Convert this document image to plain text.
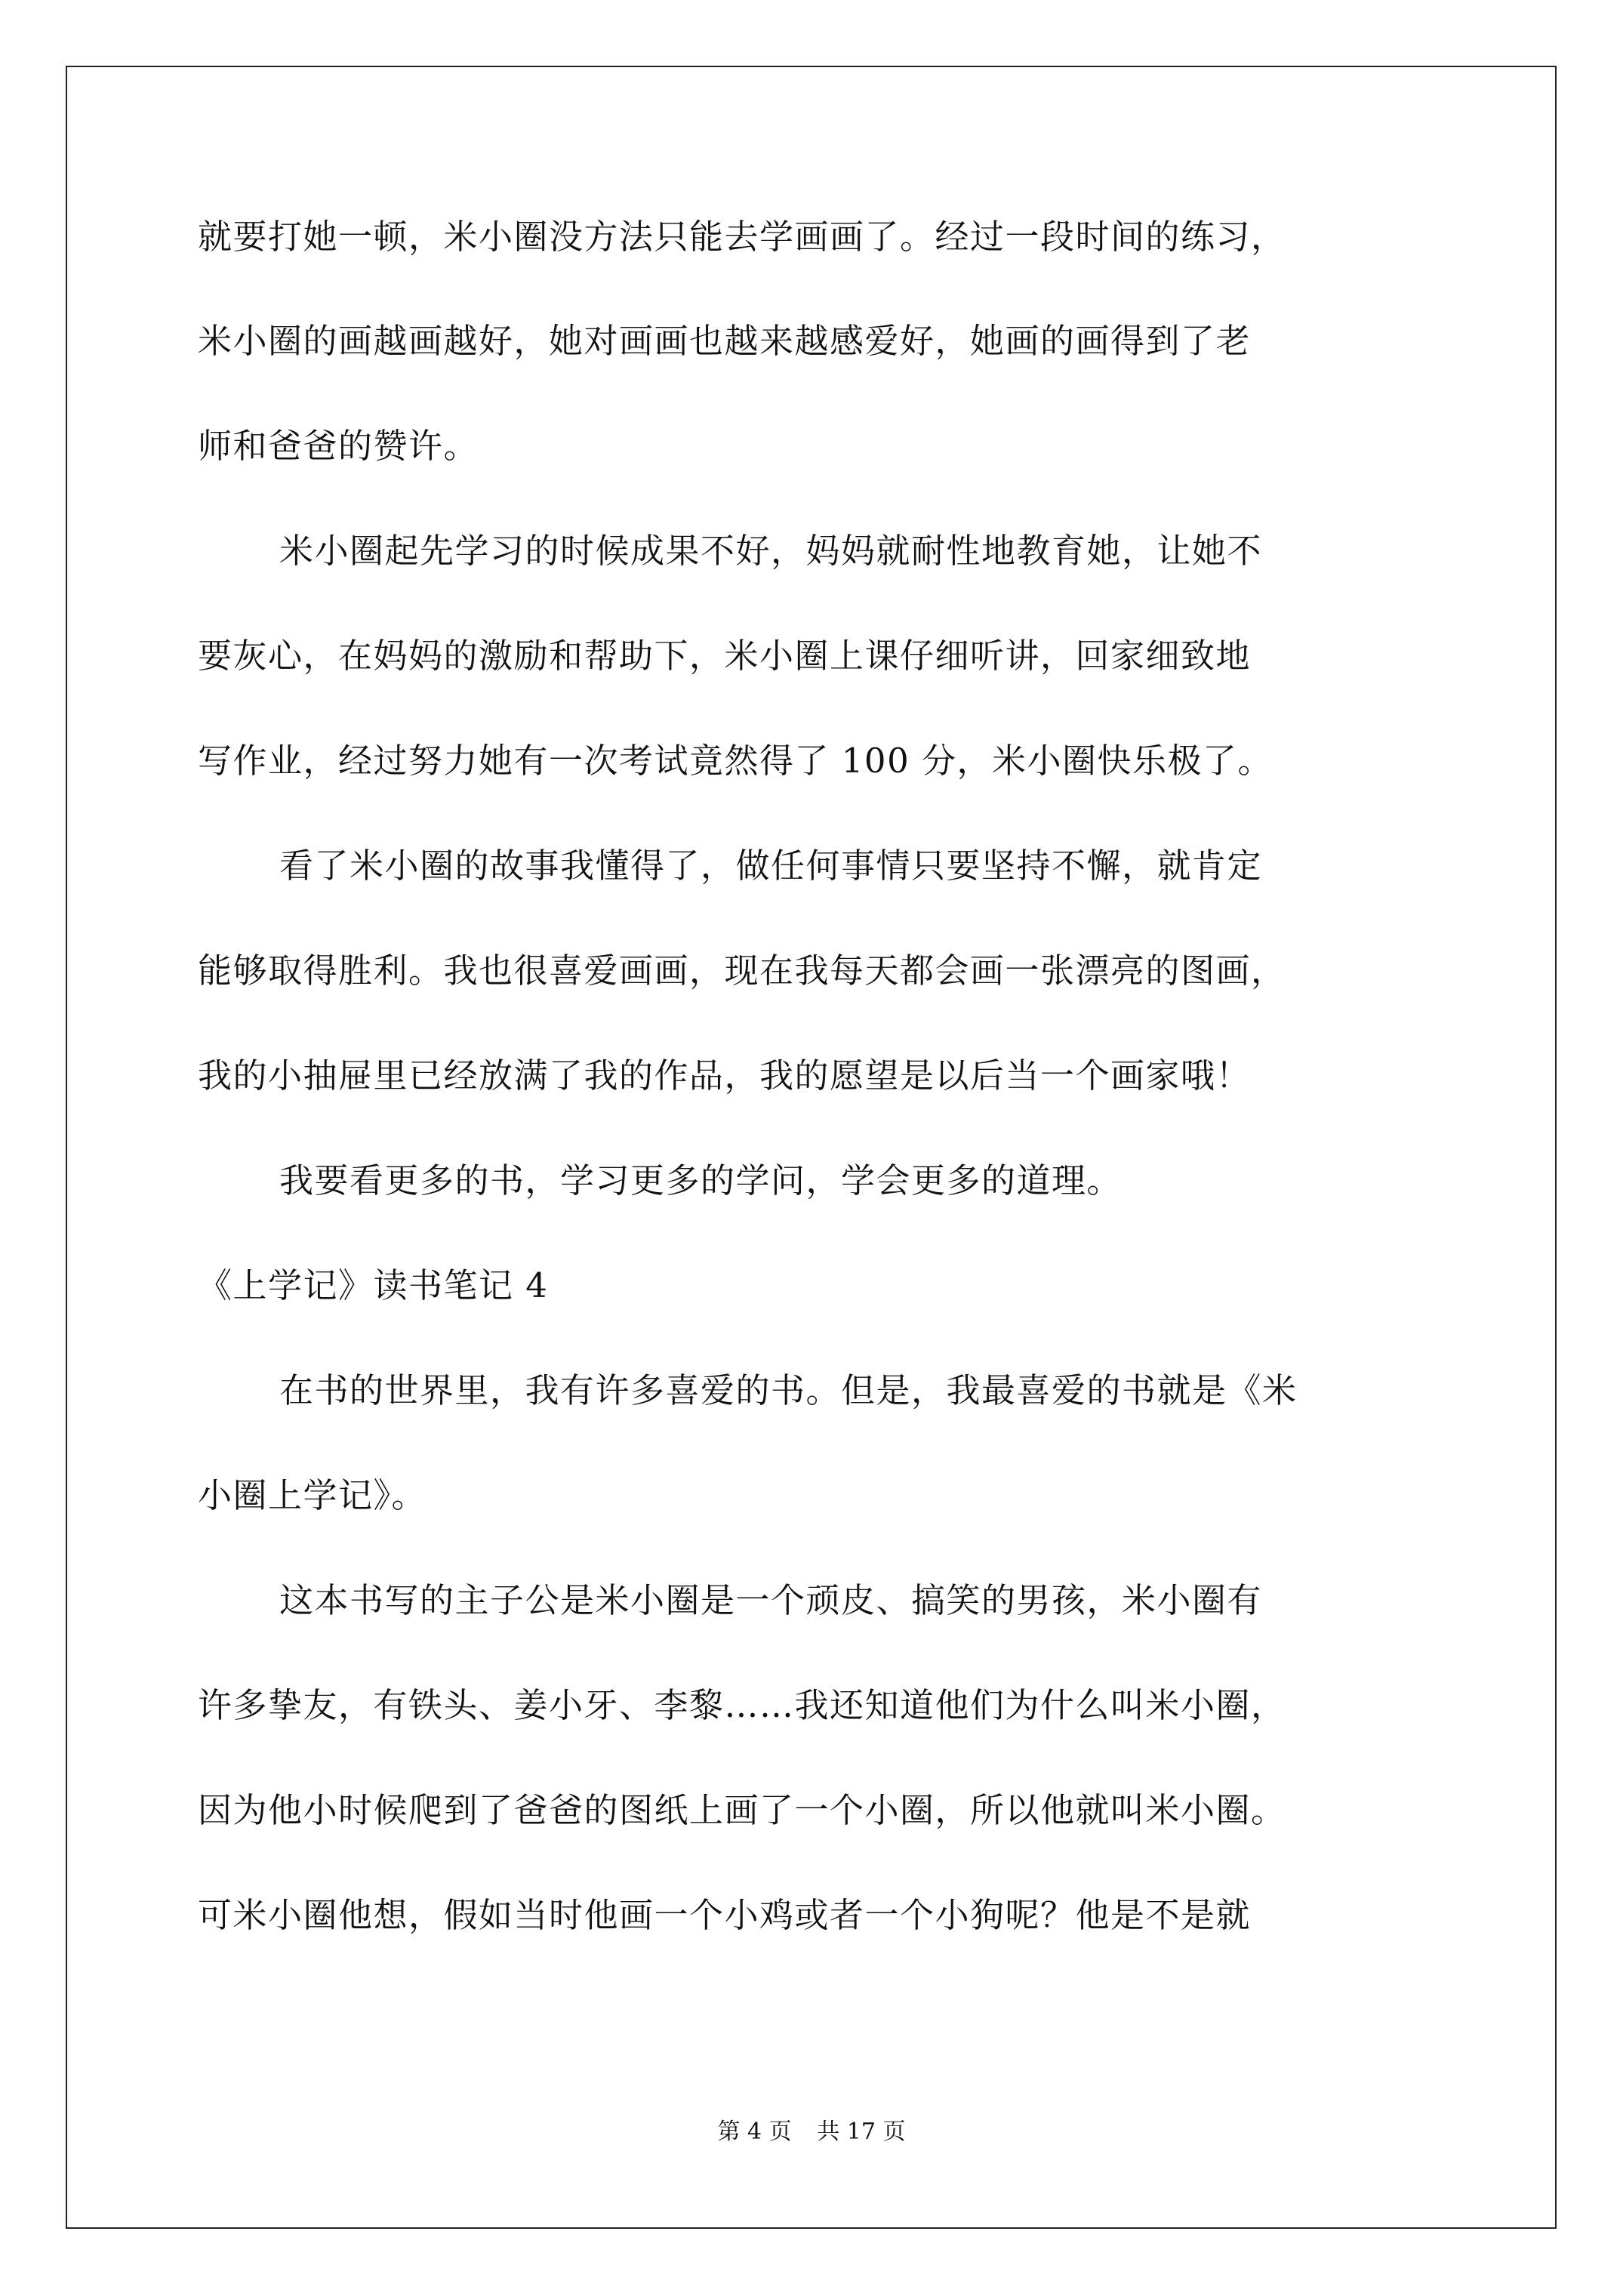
就要打她一顿，米小圈没方法只能去学画画了。经过一段时间的练习，
米小圈的画越画越好，她对画画也越来越感爱好，她画的画得到了老
师和爸爸的赞许。
米小圈起先学习的时候成果不好，妈妈就耐性地教育她，让她不
要灰心，在妈妈的激励和帮助下，米小圈上课仔细听讲，回家细致地
写作业，经过努力她有一次考试竟然得了 100 分，米小圈快乐极了。
看了米小圈的故事我懂得了，做任何事情只要坚持不懈，就肯定
能够取得胜利。我也很喜爱画画，现在我每天都会画一张漂亮的图画，
我的小抽屉里已经放满了我的作品，我的愿望是以后当一个画家哦！
我要看更多的书，学习更多的学问，学会更多的道理。
《上学记》读书笔记 4
在书的世界里，我有许多喜爱的书。但是，我最喜爱的书就是《米
小圈上学记》。
这本书写的主子公是米小圈是一个顽皮、搞笑的男孩，米小圈有
许多挚友，有铁头、姜小牙、李黎……我还知道他们为什么叫米小圈，
因为他小时候爬到了爸爸的图纸上画了一个小圈，所以他就叫米小圈。
可米小圈他想，假如当时他画一个小鸡或者一个小狗呢？他是不是就
第 4 页 共 17 页
